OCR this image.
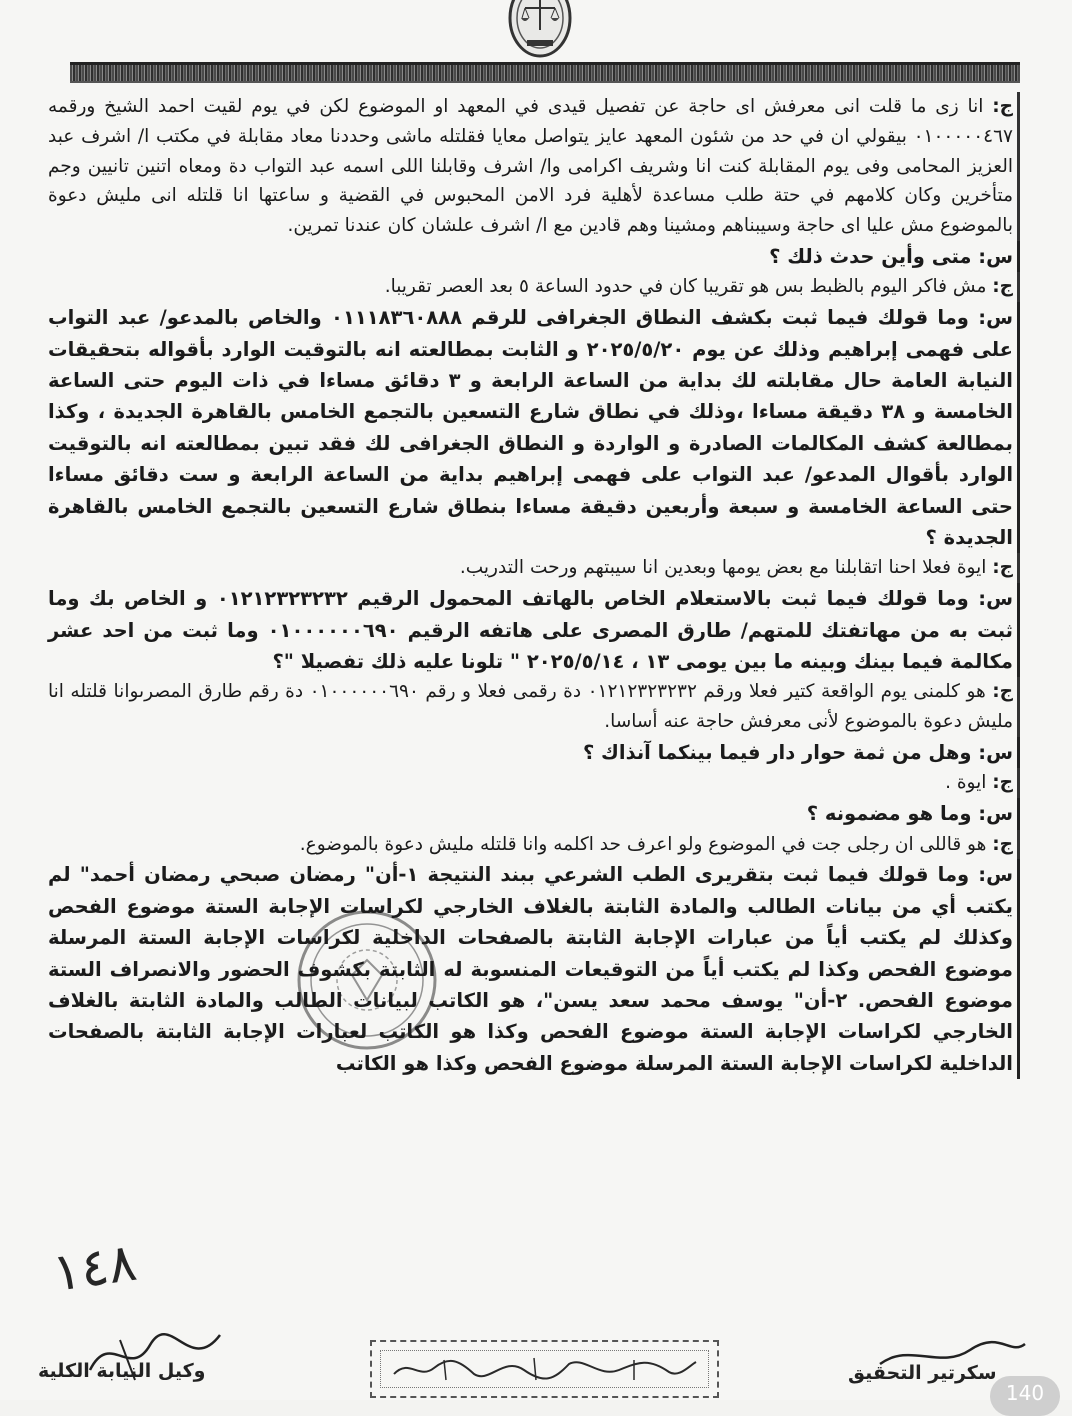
ج: انا زى ما قلت انى معرفش اى حاجة عن تفصيل قيدى في المعهد او الموضوع لكن في يوم لقيت احمد الشيخ ورقمه ٠١٠٠٠٠٠٤٦٧ بيقولي ان في حد من شئون المعهد عايز يتواصل معايا فقلتله ماشى وحددنا معاد مقابلة في مكتب ا/ اشرف عبد العزيز المحامى وفى يوم المقابلة كنت انا وشريف اكرامى وا/ اشرف وقابلنا اللى اسمه عبد التواب دة ومعاه اتنين تانيين وجم متأخرين وكان كلامهم في حتة طلب مساعدة لأهلية فرد الامن المحبوس في القضية و ساعتها انا قلتله انى مليش دعوة بالموضوع مش عليا اى حاجة وسيبناهم ومشينا وهم قادين مع ا/ اشرف علشان كان عندنا تمرين.

س: متى وأين حدث ذلك ؟

ج: مش فاكر اليوم بالظبط بس هو تقريبا كان في حدود الساعة ٥ بعد العصر تقريبا.

س: وما قولك فيما ثبت بكشف النطاق الجغرافى للرقم ٠١١١٨٣٦٠٨٨٨ والخاص بالمدعو/ عبد التواب على فهمى إبراهيم وذلك عن يوم ٢٠٢٥/٥/٢٠ و الثابت بمطالعته انه بالتوقيت الوارد بأقواله بتحقيقات النيابة العامة حال مقابلته لك بداية من الساعة الرابعة و ٣ دقائق مساءا في ذات اليوم حتى الساعة الخامسة و ٣٨ دقيقة مساءا ،وذلك في نطاق شارع التسعين بالتجمع الخامس بالقاهرة الجديدة ، وكذا بمطالعة كشف المكالمات الصادرة و الواردة و النطاق الجغرافى لك فقد تبين بمطالعته انه بالتوقيت الوارد بأقوال المدعو/ عبد التواب على فهمى إبراهيم بداية من الساعة الرابعة و ست دقائق مساءا حتى الساعة الخامسة و سبعة وأربعين دقيقة مساءا بنطاق شارع التسعين بالتجمع الخامس بالقاهرة الجديدة ؟

ج: ايوة فعلا احنا اتقابلنا مع بعض يومها وبعدين انا سيبتهم ورحت التدريب.

س: وما قولك فيما ثبت بالاستعلام الخاص بالهاتف المحمول الرقيم ٠١٢١٢٣٢٣٢٣٢ و الخاص بك وما ثبت به من مهاتفتك للمتهم/ طارق المصرى على هاتفه الرقيم ٠١٠٠٠٠٠٠٦٩٠ وما ثبت من احد عشر مكالمة فيما بينك وبينه ما بين يومى ١٣ ، ٢٠٢٥/٥/١٤ " تلونا عليه ذلك تفصيلا "؟

ج: هو كلمنى يوم الواقعة كتير فعلا ورقم ٠١٢١٢٣٢٣٢٣٢ دة رقمى فعلا و رقم ٠١٠٠٠٠٠٠٦٩٠ دة رقم طارق المصرىوانا قلتله انا مليش دعوة بالموضوع لأنى معرفش حاجة عنه أساسا.

س: وهل من ثمة حوار دار فيما بينكما آنذاك ؟

ج: ايوة .

س: وما هو مضمونه ؟

ج: هو قاللى ان رجلى جت في الموضوع ولو اعرف حد اكلمه وانا قلتله مليش دعوة بالموضوع.

س: وما قولك فيما ثبت بتقريرى الطب الشرعي ببند النتيجة ١-أن" رمضان صبحي رمضان أحمد" لم يكتب أي من بيانات الطالب والمادة الثابتة بالغلاف الخارجي لكراسات الإجابة الستة موضوع الفحص وكذلك لم يكتب أياً من عبارات الإجابة الثابتة بالصفحات الداخلية لكراسات الإجابة الستة المرسلة موضوع الفحص وكذا لم يكتب أياً من التوقيعات المنسوبة له الثابتة بكشوف الحضور والانصراف الستة موضوع الفحص. ٢-أن" يوسف محمد سعد يسن"، هو الكاتب لبيانات الطالب والمادة الثابتة بالغلاف الخارجي لكراسات الإجابة الستة موضوع الفحص وكذا هو الكاتب لعبارات الإجابة الثابتة بالصفحات الداخلية لكراسات الإجابة الستة المرسلة موضوع الفحص وكذا هو الكاتب

١٤٨
وكيل النيابة الكلية	سكرتير التحقيق
140
